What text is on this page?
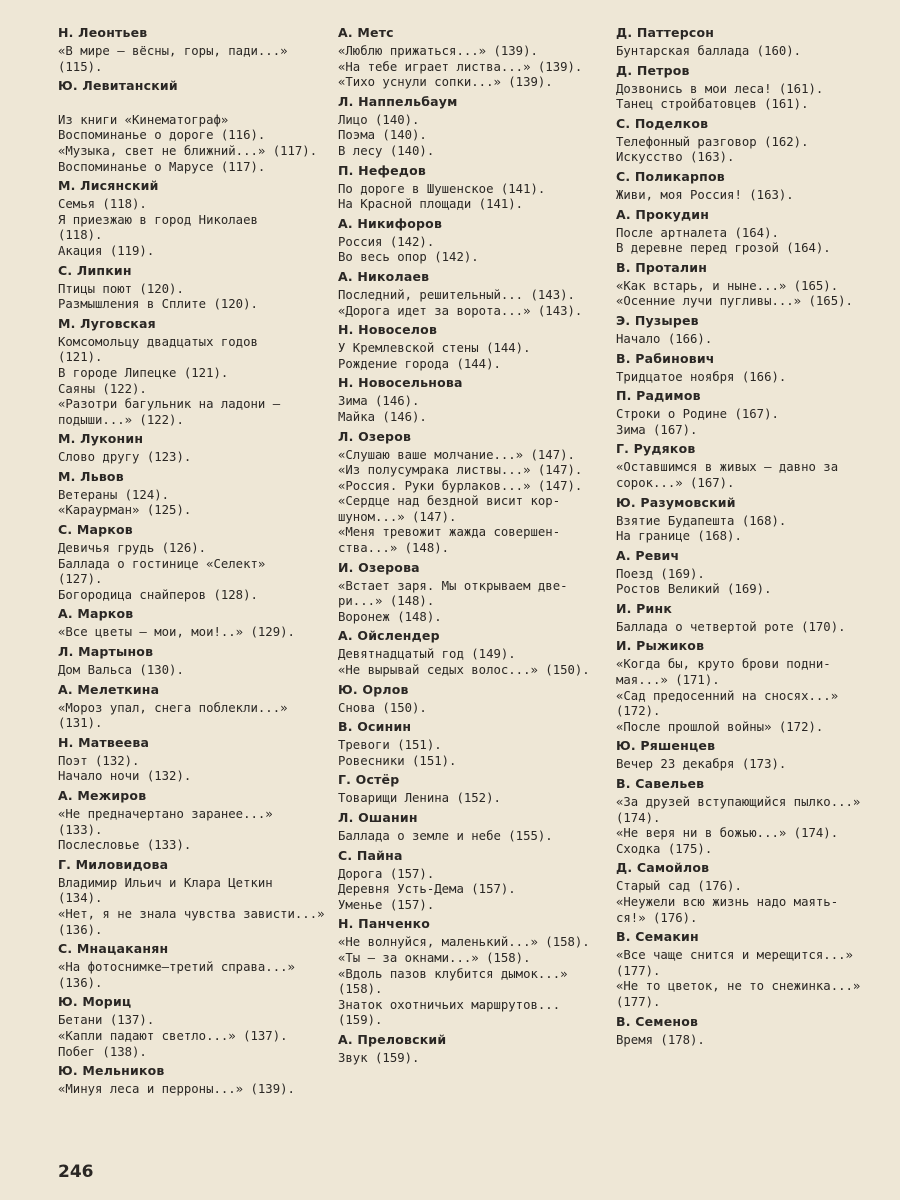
Н. Леонтьев
«В мире — вёсны, горы, пади...»
(115).
Ю. Левитанский

Из книги «Кинематограф»
Воспоминанье о дороге (116).
«Музыка, свет не ближний...» (117).
Воспоминанье о Марусе (117).
М. Лисянский
Семья (118).
Я приезжаю в город Николаев
(118).
Акация (119).
С. Липкин
Птицы поют (120).
Размышления в Сплите (120).
М. Луговская
Комсомольцу двадцатых годов
(121).
В городе Липецке (121).
Саяны (122).
«Разотри багульник на ладони —
подыши...» (122).
М. Луконин
Слово другу (123).
М. Львов
Ветераны (124).
«Караурман» (125).
С. Марков
Девичья грудь (126).
Баллада о гостинице «Селект»
(127).
Богородица снайперов (128).
А. Марков
«Все цветы — мои, мои!..» (129).
Л. Мартынов
Дом Вальса (130).
А. Мелеткина
«Мороз упал, снега поблекли...»
(131).
Н. Матвеева
Поэт (132).
Начало ночи (132).
А. Межиров
«Не предначертано заранее...»
(133).
Послесловье (133).
Г. Миловидова
Владимир Ильич и Клара Цеткин
(134).
«Нет, я не знала чувства зависти...»
(136).
С. Мнацаканян
«На фотоснимке—третий справа...»
(136).
Ю. Мориц
Бетани (137).
«Капли падают светло...» (137).
Побег (138).
Ю. Мельников
«Минуя леса и перроны...» (139).
А. Метс
«Люблю прижаться...» (139).
«На тебе играет листва...» (139).
«Тихо уснули сопки...» (139).
Л. Наппельбаум
Лицо (140).
Поэма (140).
В лесу (140).
П. Нефедов
По дороге в Шушенское (141).
На Красной площади (141).
А. Никифоров
Россия (142).
Во весь опор (142).
А. Николаев
Последний, решительный... (143).
«Дорога идет за ворота...» (143).
Н. Новоселов
У Кремлевской стены (144).
Рождение города (144).
Н. Новосельнова
Зима (146).
Майка (146).
Л. Озеров
«Слушаю ваше молчание...» (147).
«Из полусумрака листвы...» (147).
«Россия. Руки бурлаков...» (147).
«Сердце над бездной висит кор-
шуном...» (147).
«Меня тревожит жажда совершен-
ства...» (148).
И. Озерова
«Встает заря. Мы открываем две-
ри...» (148).
Воронеж (148).
А. Ойслендер
Девятнадцатый год (149).
«Не вырывай седых волос...» (150).
Ю. Орлов
Снова (150).
В. Осинин
Тревоги (151).
Ровесники (151).
Г. Остёр
Товарищи Ленина (152).
Л. Ошанин
Баллада о земле и небе (155).
С. Пайна
Дорога (157).
Деревня Усть-Дема (157).
Уменье (157).
Н. Панченко
«Не волнуйся, маленький...» (158).
«Ты — за окнами...» (158).
«Вдоль пазов клубится дымок...»
(158).
Знаток охотничьих маршрутов...
(159).
А. Преловский
Звук (159).
Д. Паттерсон
Бунтарская баллада (160).
Д. Петров
Дозвонись в мои леса! (161).
Танец стройбатовцев (161).
С. Поделков
Телефонный разговор (162).
Искусство (163).
С. Поликарпов
Живи, моя Россия! (163).
А. Прокудин
После артналета (164).
В деревне перед грозой (164).
В. Проталин
«Как встарь, и ныне...» (165).
«Осенние лучи пугливы...» (165).
Э. Пузырев
Начало (166).
В. Рабинович
Тридцатое ноября (166).
П. Радимов
Строки о Родине (167).
Зима (167).
Г. Рудяков
«Оставшимся в живых — давно за
сорок...» (167).
Ю. Разумовский
Взятие Будапешта (168).
На границе (168).
А. Ревич
Поезд (169).
Ростов Великий (169).
И. Ринк
Баллада о четвертой роте (170).
И. Рыжиков
«Когда бы, круто брови подни-
мая...» (171).
«Сад предосенний на сносях...»
(172).
«После прошлой войны» (172).
Ю. Ряшенцев
Вечер 23 декабря (173).
В. Савельев
«За друзей вступающийся пылко...»
(174).
«Не веря ни в божью...» (174).
Сходка (175).
Д. Самойлов
Старый сад (176).
«Неужели всю жизнь надо маять-
ся!» (176).
В. Семакин
«Все чаще снится и мерещится...»
(177).
«Не то цветок, не то снежинка...»
(177).
В. Семенов
Время (178).
246
